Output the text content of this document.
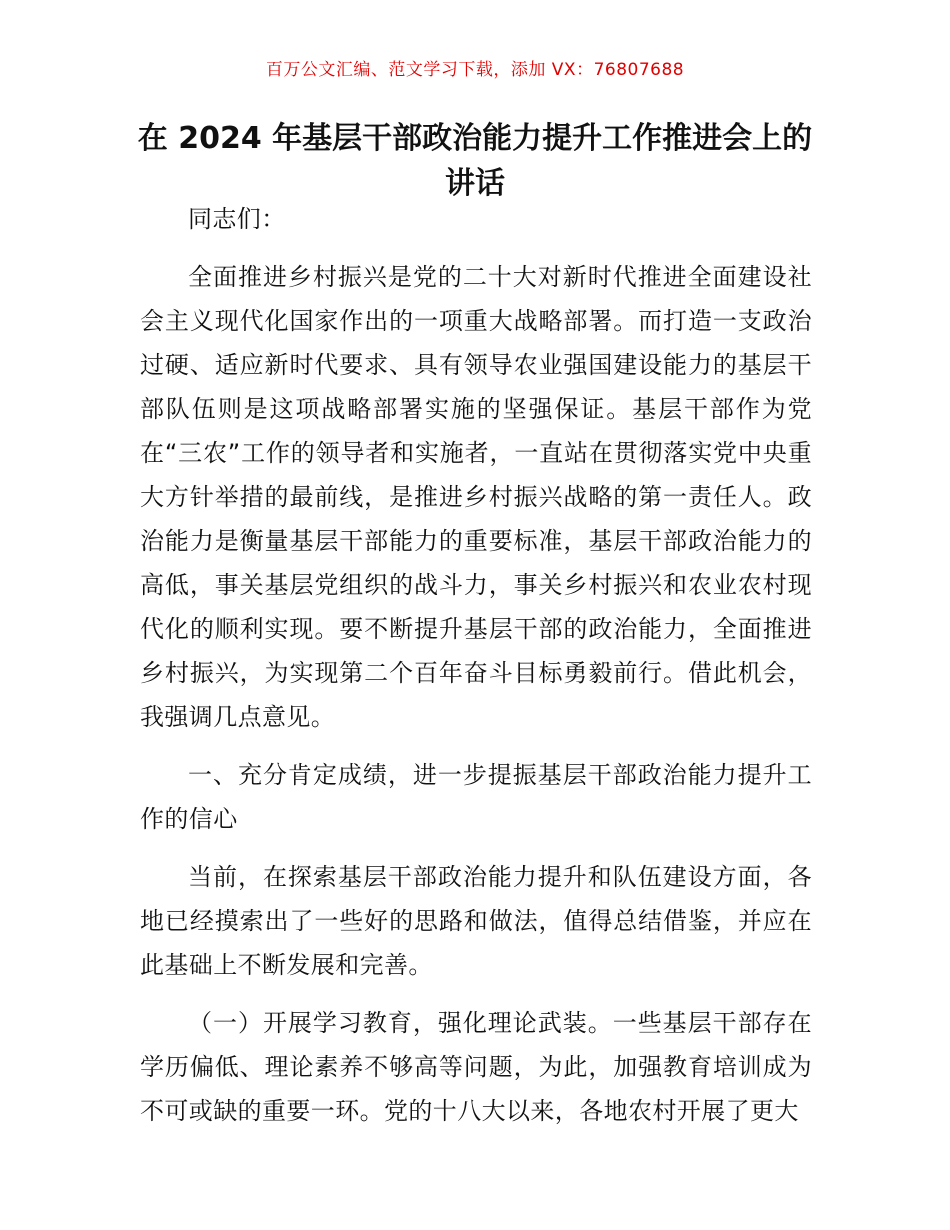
百万公文汇编、范文学习下载，添加 VX：76807688
在 2024 年基层干部政治能力提升工作推进会上的讲话

同志们：

全面推进乡村振兴是党的二十大对新时代推进全面建设社会主义现代化国家作出的一项重大战略部署。而打造一支政治过硬、适应新时代要求、具有领导农业强国建设能力的基层干部队伍则是这项战略部署实施的坚强保证。基层干部作为党在“三农”工作的领导者和实施者，一直站在贯彻落实党中央重大方针举措的最前线，是推进乡村振兴战略的第一责任人。政治能力是衡量基层干部能力的重要标准，基层干部政治能力的高低，事关基层党组织的战斗力，事关乡村振兴和农业农村现代化的顺利实现。要不断提升基层干部的政治能力，全面推进乡村振兴，为实现第二个百年奋斗目标勇毅前行。借此机会，我强调几点意见。

一、充分肯定成绩，进一步提振基层干部政治能力提升工作的信心

当前，在探索基层干部政治能力提升和队伍建设方面，各地已经摸索出了一些好的思路和做法，值得总结借鉴，并应在此基础上不断发展和完善。

（一）开展学习教育，强化理论武装。一些基层干部存在学历偏低、理论素养不够高等问题，为此，加强教育培训成为不可或缺的重要一环。党的十八大以来，各地农村开展了更大
